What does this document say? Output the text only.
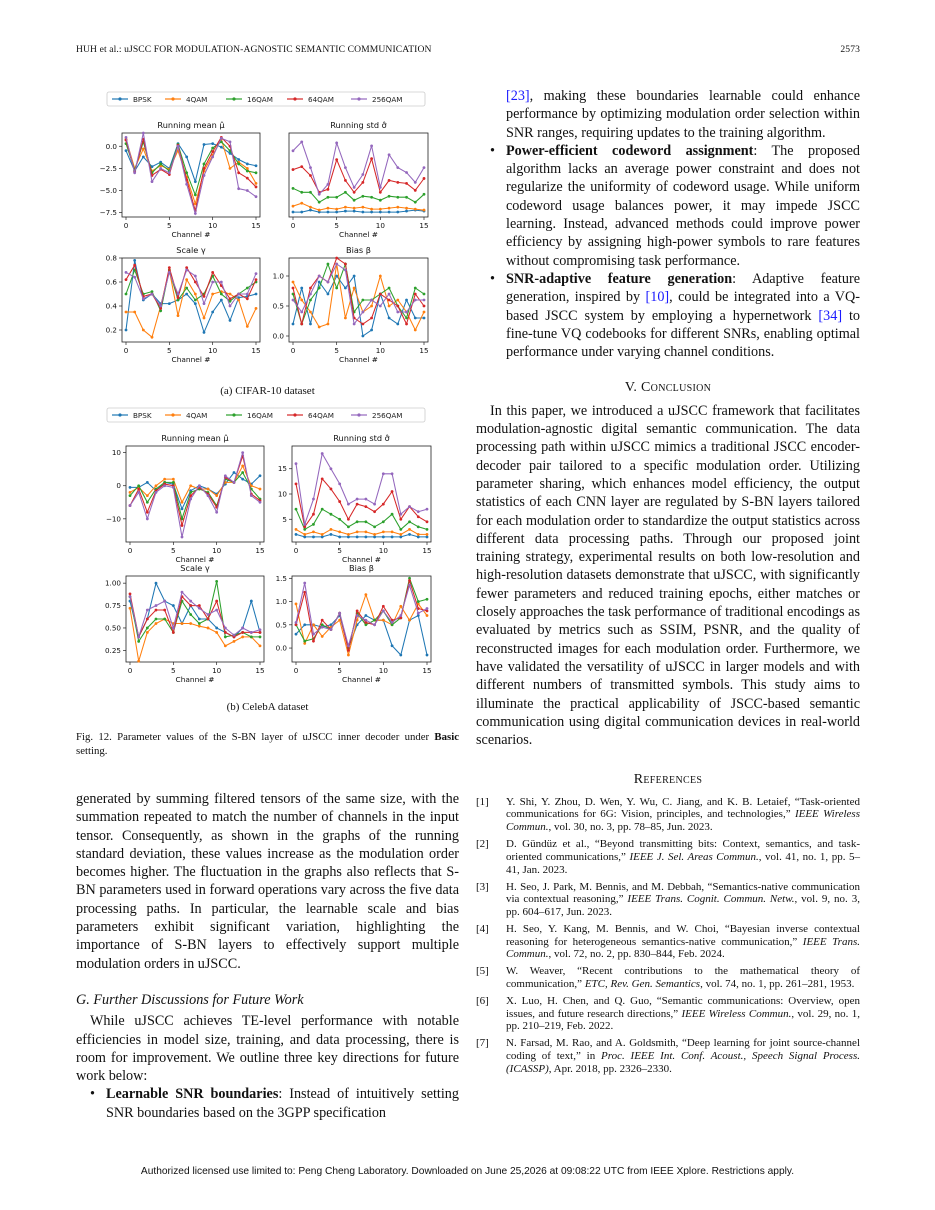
HUH et al.: uJSCC FOR MODULATION-AGNOSTIC SEMANTIC COMMUNICATION	2573
BPSK	4QAM	16QAM	64QAM	256QAM
BPSK	4QAM	16QAM	64QAM	256QAM
Running mean μ̂
0	5	10	15
Channel #
0.0
−2.5
−5.0
−7.5
Running std σ̂
0	5	10	15
Channel #
Scale γ
0	5	10	15
Channel #
0.2
0.4
0.6
0.8
Bias β
0	5	10	15
Channel #
0.0
0.5
1.0
Running mean μ̂
0	5	10	15
Channel #
10
0
−10
Running std σ̂
0	5	10	15
Channel #
5
10
15
Scale γ
0	5	10	15
Channel #
0.25
0.50
0.75
1.00
Bias β
0	5	10	15
Channel #
0.0
0.5
1.0
1.5
(a) CIFAR-10 dataset
(b) CelebA dataset
Fig. 12. Parameter values of the S-BN layer of uJSCC inner decoder under Basic setting.

generated by summing filtered tensors of the same size, with the summation repeated to match the number of channels in the input tensor. Consequently, as shown in the graphs of the running standard deviation, these values increase as the modulation order becomes higher. The fluctuation in the graphs also reflects that S-BN parameters used in forward operations vary across the five data processing paths. In particular, the learnable scale and bias parameters exhibit significant variation, highlighting the importance of S-BN layers to effectively support multiple modulation orders in uJSCC.

G. Further Discussions for Future Work

While uJSCC achieves TE-level performance with notable efficiencies in model size, training, and data processing, there is room for improvement. We outline three key directions for future work below:

• Learnable SNR boundaries: Instead of intuitively setting SNR boundaries based on the 3GPP specification
[23], making these boundaries learnable could enhance performance by optimizing modulation order selection within SNR ranges, requiring updates to the training algorithm.
• Power-efficient codeword assignment: The proposed algorithm lacks an average power constraint and does not regularize the uniformity of codeword usage. While uniform codeword usage balances power, it may impede JSCC learning. Instead, advanced methods could improve power efficiency by assigning high-power symbols to rare features without compromising task performance.
• SNR-adaptive feature generation: Adaptive feature generation, inspired by [10], could be integrated into a VQ-based JSCC system by employing a hypernetwork [34] to fine-tune VQ codebooks for different SNRs, enabling optimal performance under varying channel conditions.
V. Conclusion

In this paper, we introduced a uJSCC framework that facilitates modulation-agnostic digital semantic communication. The data processing path within uJSCC mimics a traditional JSCC encoder-decoder pair tailored to a specific modulation order. Utilizing parameter sharing, which enhances model efficiency, the output statistics of each CNN layer are regulated by S-BN layers tailored for each modulation order to standardize the output statistics across different data processing paths. Through our proposed joint training strategy, experimental results on both low-resolution and high-resolution datasets demonstrate that uJSCC, with significantly fewer parameters and reduced training epochs, either matches or closely approaches the task performance of traditional encodings as evaluated by metrics such as SSIM, PSNR, and the quality of reconstructed images for each modulation order. Furthermore, we have validated the versatility of uJSCC in larger models and with different numbers of transmitted symbols. This study aims to illuminate the practical applicability of JSCC-based semantic communication using digital communication devices in real-world scenarios.

References
[1] Y. Shi, Y. Zhou, D. Wen, Y. Wu, C. Jiang, and K. B. Letaief, “Task-oriented communications for 6G: Vision, principles, and technologies,” IEEE Wireless Commun., vol. 30, no. 3, pp. 78–85, Jun. 2023.
[2] D. Gündüz et al., “Beyond transmitting bits: Context, semantics, and task-oriented communications,” IEEE J. Sel. Areas Commun., vol. 41, no. 1, pp. 5–41, Jan. 2023.
[3] H. Seo, J. Park, M. Bennis, and M. Debbah, “Semantics-native communication via contextual reasoning,” IEEE Trans. Cognit. Commun. Netw., vol. 9, no. 3, pp. 604–617, Jun. 2023.
[4] H. Seo, Y. Kang, M. Bennis, and W. Choi, “Bayesian inverse contextual reasoning for heterogeneous semantics-native communication,” IEEE Trans. Commun., vol. 72, no. 2, pp. 830–844, Feb. 2024.
[5] W. Weaver, “Recent contributions to the mathematical theory of communication,” ETC, Rev. Gen. Semantics, vol. 74, no. 1, pp. 261–281, 1953.
[6] X. Luo, H. Chen, and Q. Guo, “Semantic communications: Overview, open issues, and future research directions,” IEEE Wireless Commun., vol. 29, no. 1, pp. 210–219, Feb. 2022.
[7] N. Farsad, M. Rao, and A. Goldsmith, “Deep learning for joint source-channel coding of text,” in Proc. IEEE Int. Conf. Acoust., Speech Signal Process. (ICASSP), Apr. 2018, pp. 2326–2330.
Authorized licensed use limited to: Peng Cheng Laboratory. Downloaded on June 25,2026 at 09:08:22 UTC from IEEE Xplore. Restrictions apply.
